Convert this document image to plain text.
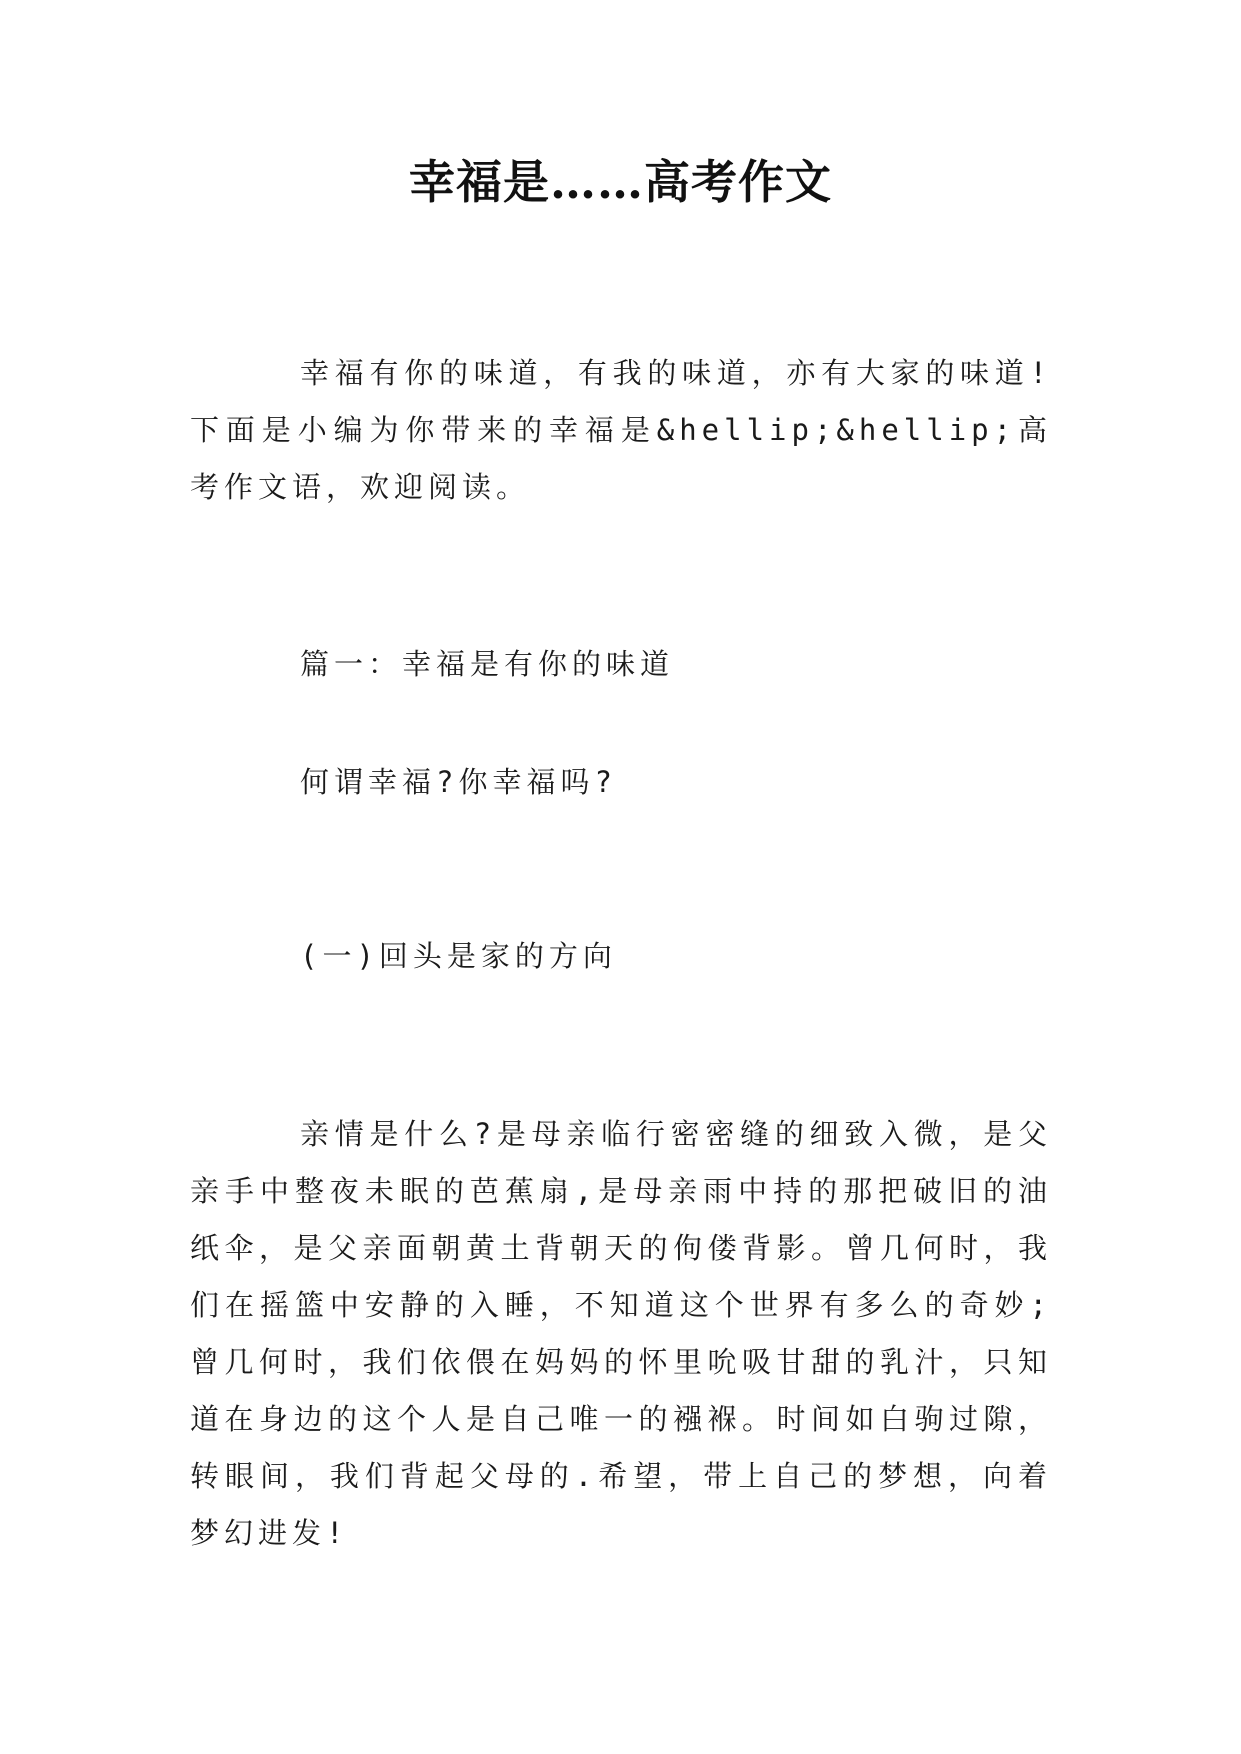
幸福是……高考作文

幸福有你的味道，有我的味道，亦有大家的味道!下面是小编为你带来的幸福是&hellip;&hellip;高考作文语，欢迎阅读。

篇一：幸福是有你的味道

何谓幸福?你幸福吗?

(一)回头是家的方向

亲情是什么?是母亲临行密密缝的细致入微，是父亲手中整夜未眠的芭蕉扇,是母亲雨中持的那把破旧的油纸伞，是父亲面朝黄土背朝天的佝偻背影。曾几何时，我们在摇篮中安静的入睡，不知道这个世界有多么的奇妙;曾几何时，我们依偎在妈妈的怀里吮吸甘甜的乳汁，只知道在身边的这个人是自己唯一的襁褓。时间如白驹过隙，转眼间，我们背起父母的.希望，带上自己的梦想，向着梦幻进发!
